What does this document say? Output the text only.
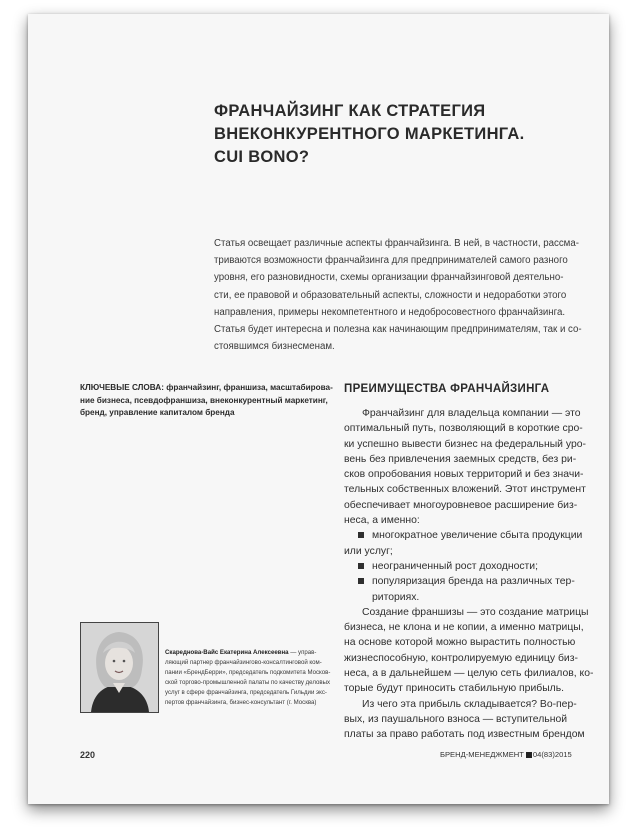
ФРАНЧАЙЗИНГ КАК СТРАТЕГИЯ
ВНЕКОНКУРЕНТНОГО МАРКЕТИНГА.
CUI BONO?
Статья освещает различные аспекты франчайзинга. В ней, в частности, рассма-
триваются возможности франчайзинга для предпринимателей самого разного
уровня, его разновидности, схемы организации франчайзинговой деятельно-
сти, ее правовой и образовательный аспекты, сложности и недоработки этого
направления, примеры некомпетентного и недобросовестного франчайзинга.
Статья будет интересна и полезна как начинающим предпринимателям, так и со-
стоявшимся бизнесменам.
КЛЮЧЕВЫЕ СЛОВА: франчайзинг, франшиза, масштабирова-
ние бизнеса, псевдофраншиза, внеконкурентный маркетинг,
бренд, управление капиталом бренда
ПРЕИМУЩЕСТВА ФРАНЧАЙЗИНГА
Франчайзинг для владельца компании — это
оптимальный путь, позволяющий в короткие сро-
ки успешно вывести бизнес на федеральный уро-
вень без привлечения заемных средств, без ри-
сков опробования новых территорий и без значи-
тельных собственных вложений. Этот инструмент
обеспечивает многоуровневое расширение биз-
неса, а именно:
многократное увеличение сбыта продукции
или услуг;
неограниченный рост доходности;
популяризация бренда на различных тер-
риториях.
Создание франшизы — это создание матрицы
бизнеса, не клона и не копии, а именно матрицы,
на основе которой можно вырастить полностью
жизнеспособную, контролируемую единицу биз-
неса, а в дальнейшем — целую сеть филиалов, ко-
торые будут приносить стабильную прибыль.
Из чего эта прибыль складывается? Во-пер-
вых, из паушального взноса — вступительной
платы за право работать под известным брендом
Скареднова-Вайс Екатерина Алексеевна — управ-
ляющий партнер франчайзингово-консалтинговой ком-
пании «БрендБерри», председатель подкомитета Москов-
ской торгово-промышленной палаты по качеству деловых
услуг в сфере франчайзинга, председатель Гильдии экс-
пертов франчайзинга, бизнес-консультант (г. Москва)
220	БРЕНД-МЕНЕДЖМЕНТ 04(83)2015
